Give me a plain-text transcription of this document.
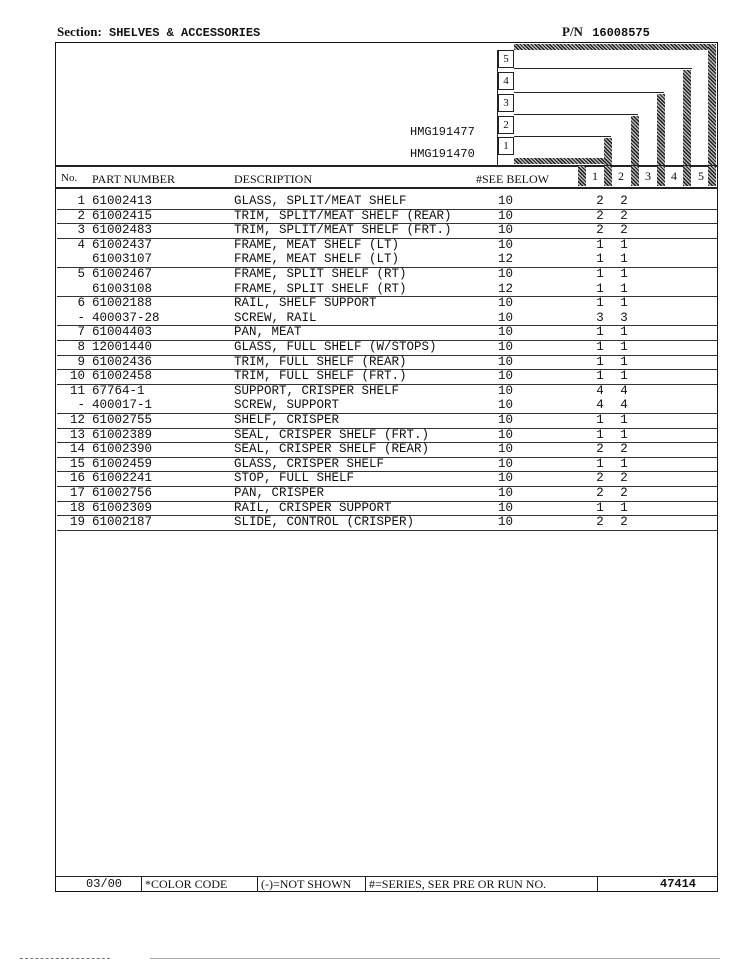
Section: SHELVES & ACCESSORIES	P/N 16008575
5
4
3
2
1
HMG191477
HMG191470
No. PART NUMBER	DESCRIPTION	#SEE BELOW	1 2 3 4 5
1 61002413	GLASS, SPLIT/MEAT SHELF	10	2 2
2 61002415	TRIM, SPLIT/MEAT SHELF (REAR)	10	2 2
3 61002483	TRIM, SPLIT/MEAT SHELF (FRT.)	10	2 2
4 61002437	FRAME, MEAT SHELF (LT)	10	1 1
61003107	FRAME, MEAT SHELF (LT)	12	1 1
5 61002467	FRAME, SPLIT SHELF (RT)	10	1 1
61003108	FRAME, SPLIT SHELF (RT)	12	1 1
6 61002188	RAIL, SHELF SUPPORT	10	1 1
- 400037-28	SCREW, RAIL	10	3 3
7 61004403	PAN, MEAT	10	1 1
8 12001440	GLASS, FULL SHELF (W/STOPS)	10	1 1
9 61002436	TRIM, FULL SHELF (REAR)	10	1 1
10 61002458	TRIM, FULL SHELF (FRT.)	10	1 1
11 67764-1	SUPPORT, CRISPER SHELF	10	4 4
- 400017-1	SCREW, SUPPORT	10	4 4
12 61002755	SHELF, CRISPER	10	1 1
13 61002389	SEAL, CRISPER SHELF (FRT.)	10	1 1
14 61002390	SEAL, CRISPER SHELF (REAR)	10	2 2
15 61002459	GLASS, CRISPER SHELF	10	1 1
16 61002241	STOP, FULL SHELF	10	2 2
17 61002756	PAN, CRISPER	10	2 2
18 61002309	RAIL, CRISPER SUPPORT	10	1 1
19 61002187	SLIDE, CONTROL (CRISPER)	10	2 2
03/00 *COLOR CODE	(-)=NOT SHOWN #=SERIES, SER PRE OR RUN NO.	47414
